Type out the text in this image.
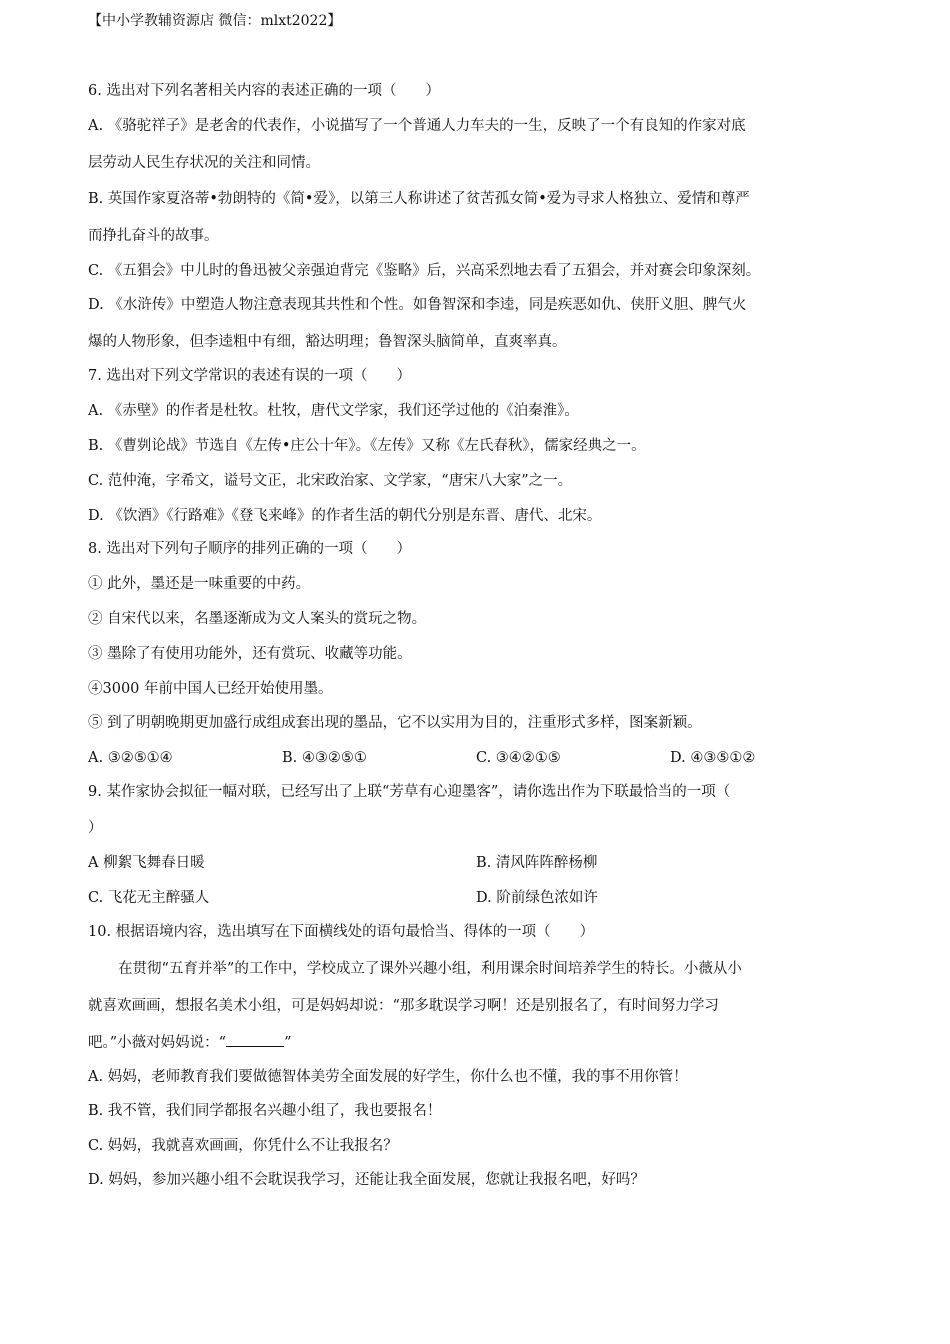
【中小学教辅资源店 微信：mlxt2022】
6. 选出对下列名著相关内容的表述正确的一项（　　）
A. 《骆驼祥子》是老舍的代表作，小说描写了一个普通人力车夫的一生，反映了一个有良知的作家对底
层劳动人民生存状况的关注和同情。
B. 英国作家夏洛蒂•勃朗特的《简•爱》，以第三人称讲述了贫苦孤女简•爱为寻求人格独立、爱情和尊严
而挣扎奋斗的故事。
C. 《五猖会》中儿时的鲁迅被父亲强迫背完《鉴略》后，兴高采烈地去看了五猖会，并对赛会印象深刻。
D. 《水浒传》中塑造人物注意表现其共性和个性。如鲁智深和李逵，同是疾恶如仇、侠肝义胆、脾气火
爆的人物形象，但李逵粗中有细，豁达明理；鲁智深头脑简单，直爽率真。
7. 选出对下列文学常识的表述有误的一项（　　）
A. 《赤壁》的作者是杜牧。杜牧，唐代文学家，我们还学过他的《泊秦淮》。
B. 《曹刿论战》节选自《左传•庄公十年》。《左传》又称《左氏春秋》，儒家经典之一。
C. 范仲淹，字希文，谥号文正，北宋政治家、文学家，“唐宋八大家”之一。
D. 《饮酒》《行路难》《登飞来峰》的作者生活的朝代分别是东晋、唐代、北宋。
8. 选出对下列句子顺序的排列正确的一项（　　）
① 此外，墨还是一味重要的中药。
② 自宋代以来，名墨逐渐成为文人案头的赏玩之物。
③ 墨除了有使用功能外，还有赏玩、收藏等功能。
④3000 年前中国人已经开始使用墨。
⑤ 到了明朝晚期更加盛行成组成套出现的墨品，它不以实用为目的，注重形式多样，图案新颖。
A. ③②⑤①④	B. ④③②⑤①	C. ③④②①⑤	D. ④③⑤①②
9. 某作家协会拟征一幅对联，已经写出了上联“芳草有心迎墨客”，请你选出作为下联最恰当的一项（
）
A 柳絮飞舞春日暖	B. 清风阵阵醉杨柳
C. 飞花无主醉骚人	D. 阶前绿色浓如许
10. 根据语境内容，选出填写在下面横线处的语句最恰当、得体的一项（　　）
在贯彻“五育并举”的工作中，学校成立了课外兴趣小组，利用课余时间培养学生的特长。小薇从小
就喜欢画画，想报名美术小组，可是妈妈却说：“那多耽误学习啊！还是别报名了，有时间努力学习
吧。”小薇对妈妈说：“	”
A. 妈妈，老师教育我们要做德智体美劳全面发展的好学生，你什么也不懂，我的事不用你管！
B. 我不管，我们同学都报名兴趣小组了，我也要报名！
C. 妈妈，我就喜欢画画，你凭什么不让我报名？
D. 妈妈，参加兴趣小组不会耽误我学习，还能让我全面发展，您就让我报名吧，好吗？
